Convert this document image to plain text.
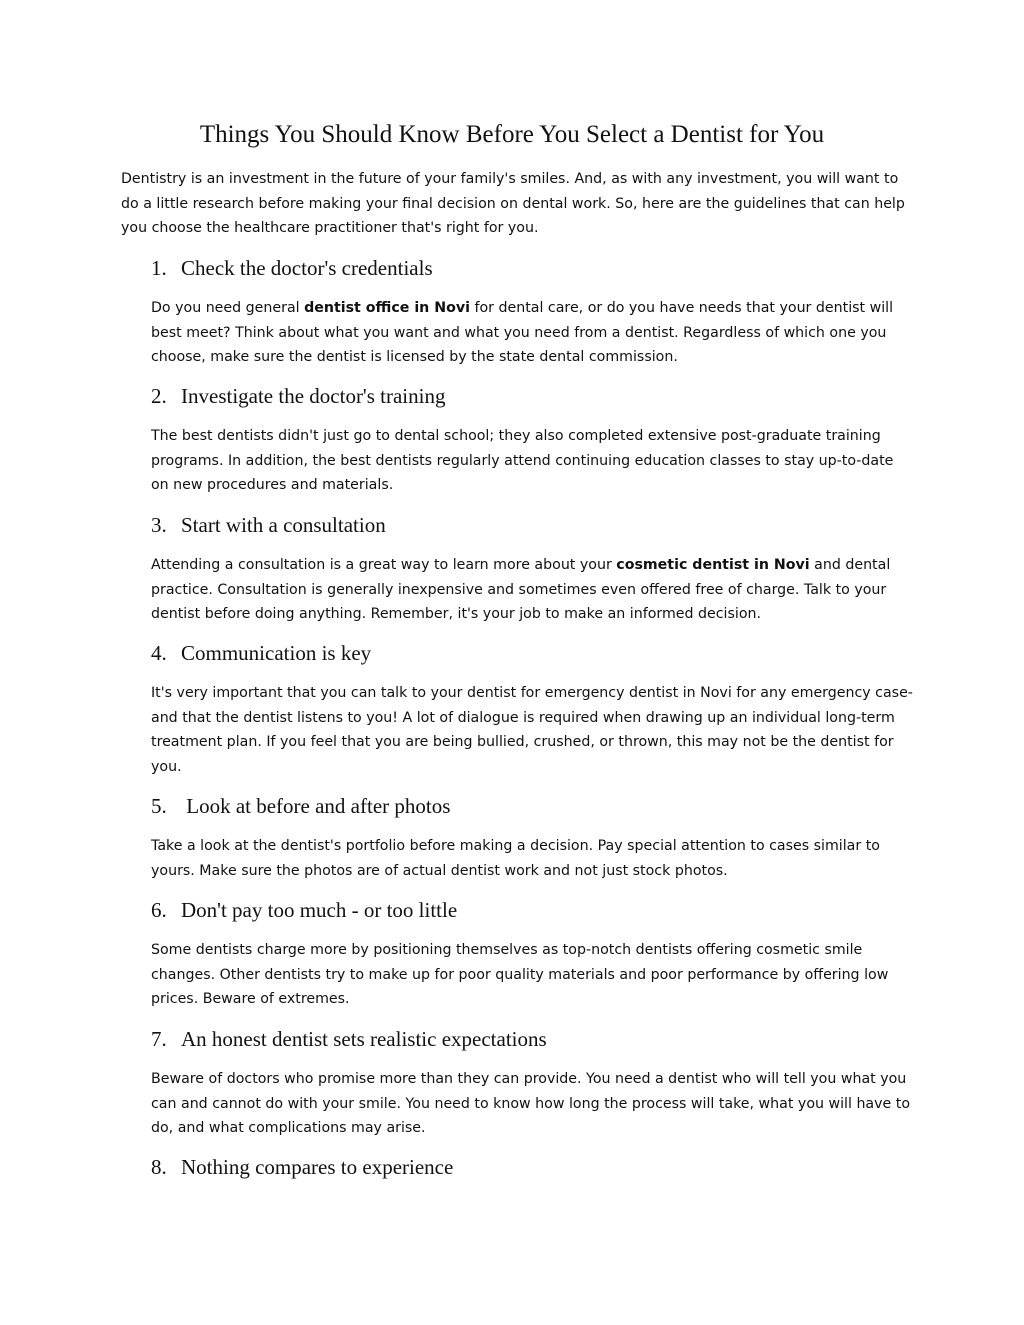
Things You Should Know Before You Select a Dentist for You

Dentistry is an investment in the future of your family's smiles. And, as with any investment, you will want to do a little research before making your final decision on dental work. So, here are the guidelines that can help you choose the healthcare practitioner that's right for you.

1. Check the doctor's credentials

Do you need general dentist office in Novi for dental care, or do you have needs that your dentist will best meet? Think about what you want and what you need from a dentist. Regardless of which one you choose, make sure the dentist is licensed by the state dental commission.

2. Investigate the doctor's training

The best dentists didn't just go to dental school; they also completed extensive post-graduate training programs. In addition, the best dentists regularly attend continuing education classes to stay up-to-date on new procedures and materials.

3. Start with a consultation

Attending a consultation is a great way to learn more about your cosmetic dentist in Novi and dental practice. Consultation is generally inexpensive and sometimes even offered free of charge. Talk to your dentist before doing anything. Remember, it's your job to make an informed decision.

4. Communication is key

It's very important that you can talk to your dentist for emergency dentist in Novi for any emergency case- and that the dentist listens to you! A lot of dialogue is required when drawing up an individual long-term treatment plan. If you feel that you are being bullied, crushed, or thrown, this may not be the dentist for you.

5. Look at before and after photos

Take a look at the dentist's portfolio before making a decision. Pay special attention to cases similar to yours. Make sure the photos are of actual dentist work and not just stock photos.

6. Don't pay too much - or too little

Some dentists charge more by positioning themselves as top-notch dentists offering cosmetic smile changes. Other dentists try to make up for poor quality materials and poor performance by offering low prices. Beware of extremes.

7. An honest dentist sets realistic expectations

Beware of doctors who promise more than they can provide. You need a dentist who will tell you what you can and cannot do with your smile. You need to know how long the process will take, what you will have to do, and what complications may arise.

8. Nothing compares to experience
